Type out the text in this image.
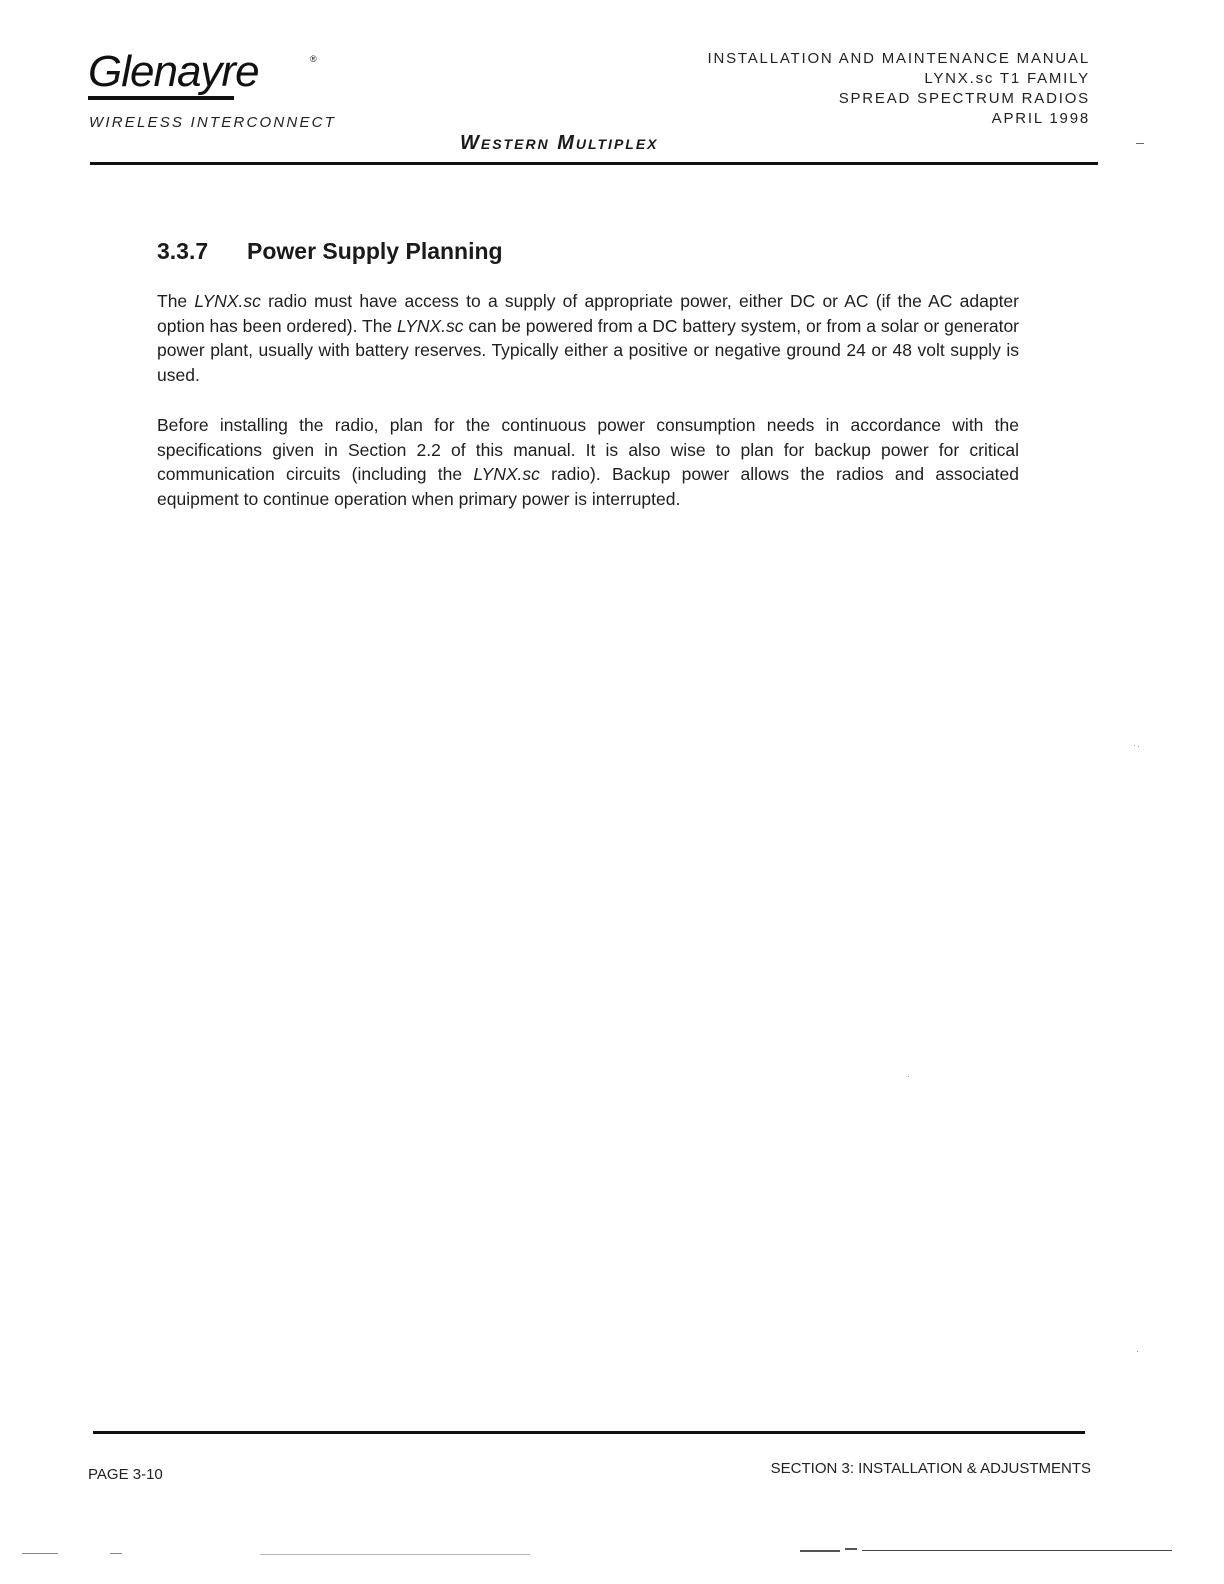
Glenayre	®
WIRELESS INTERCONNECT
INSTALLATION AND MAINTENANCE MANUAL
LYNX.sc T1 FAMILY
SPREAD SPECTRUM RADIOS
APRIL 1998
Western Multiplex
3.3.7 Power Supply Planning
The LYNX.sc radio must have access to a supply of appropriate power, either DC or AC (if the AC adapter option has been ordered). The LYNX.sc can be powered from a DC battery system, or from a solar or generator power plant, usually with battery reserves. Typically either a positive or negative ground 24 or 48 volt supply is used.
Before installing the radio, plan for the continuous power consumption needs in accordance with the specifications given in Section 2.2 of this manual. It is also wise to plan for backup power for critical communication circuits (including the LYNX.sc radio). Backup power allows the radios and associated equipment to continue operation when primary power is interrupted.
PAGE 3-10	SECTION 3: INSTALLATION & ADJUSTMENTS
